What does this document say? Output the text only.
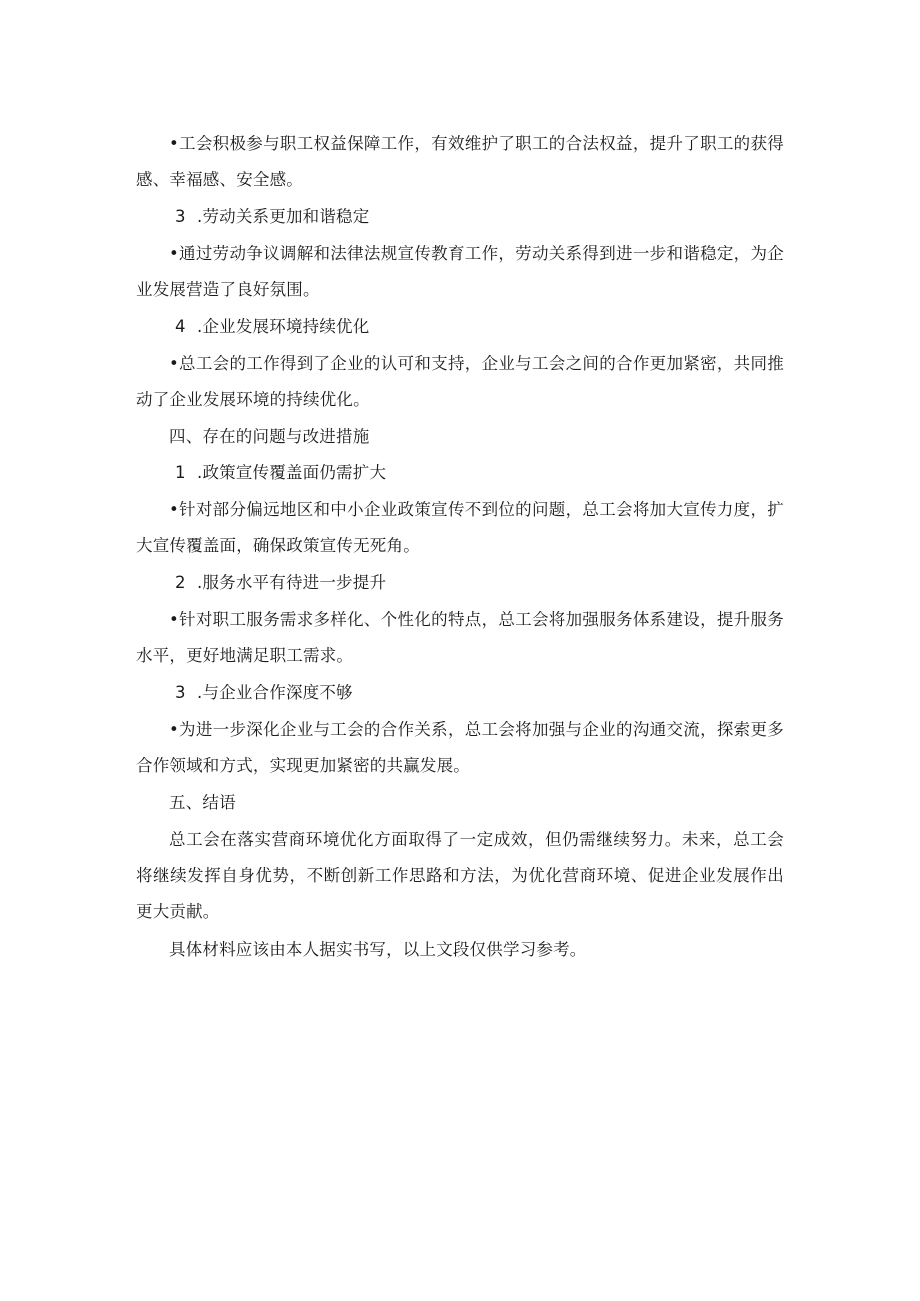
•工会积极参与职工权益保障工作，有效维护了职工的合法权益，提升了职工的获得感、幸福感、安全感。

3 .劳动关系更加和谐稳定

•通过劳动争议调解和法律法规宣传教育工作，劳动关系得到进一步和谐稳定，为企业发展营造了良好氛围。

4 .企业发展环境持续优化

•总工会的工作得到了企业的认可和支持，企业与工会之间的合作更加紧密，共同推动了企业发展环境的持续优化。

四、存在的问题与改进措施

1 .政策宣传覆盖面仍需扩大

•针对部分偏远地区和中小企业政策宣传不到位的问题，总工会将加大宣传力度，扩大宣传覆盖面，确保政策宣传无死角。

2 .服务水平有待进一步提升

•针对职工服务需求多样化、个性化的特点，总工会将加强服务体系建设，提升服务水平，更好地满足职工需求。

3 .与企业合作深度不够

•为进一步深化企业与工会的合作关系，总工会将加强与企业的沟通交流，探索更多合作领域和方式，实现更加紧密的共赢发展。

五、结语

总工会在落实营商环境优化方面取得了一定成效，但仍需继续努力。未来，总工会将继续发挥自身优势，不断创新工作思路和方法，为优化营商环境、促进企业发展作出更大贡献。

具体材料应该由本人据实书写，以上文段仅供学习参考。
